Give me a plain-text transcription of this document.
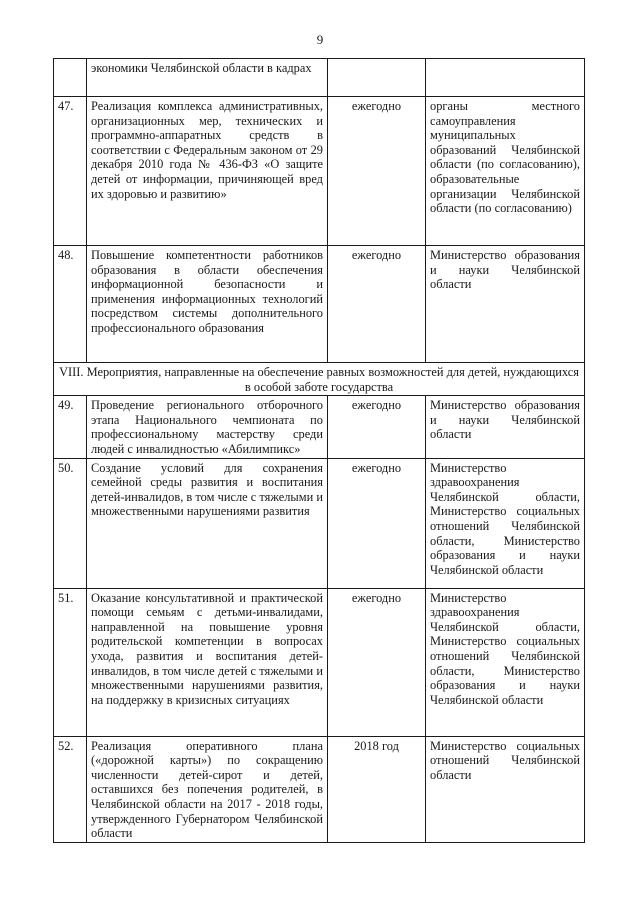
9
	экономики Челябинской области в кадрах		
47.	Реализация комплекса административных, организационных мер, технических и программно-аппаратных средств в соответствии с Федеральным законом от 29 декабря 2010 года № 436-ФЗ «О защите детей от информации, причиняющей вред их здоровью и развитию»	ежегодно	органы местного самоуправления муниципальных образований Челябинской области (по согласованию), образовательные организации Челябинской области (по согласованию)
48.	Повышение компетентности работников образования в области обеспечения информационной безопасности и применения информационных технологий посредством системы дополнительного профессионального образования	ежегодно	Министерство образования и науки Челябинской области
VIII. Мероприятия, направленные на обеспечение равных возможностей для детей, нуждающихся в особой заботе государства			
49.	Проведение регионального отборочного этапа Национального чемпионата по профессиональному мастерству среди людей с инвалидностью «Абилимпикс»	ежегодно	Министерство образования и науки Челябинской области
50.	Создание условий для сохранения семейной среды развития и воспитания детей-инвалидов, в том числе с тяжелыми и множественными нарушениями развития	ежегодно	Министерство здравоохранения Челябинской области, Министерство социальных отношений Челябинской области, Министерство образования и науки Челябинской области
51.	Оказание консультативной и практической помощи семьям с детьми-инвалидами, направленной на повышение уровня родительской компетенции в вопросах ухода, развития и воспитания детей-инвалидов, в том числе детей с тяжелыми и множественными нарушениями развития, на поддержку в кризисных ситуациях	ежегодно	Министерство здравоохранения Челябинской области, Министерство социальных отношений Челябинской области, Министерство образования и науки Челябинской области
52.	Реализация оперативного плана («дорожной карты») по сокращению численности детей-сирот и детей, оставшихся без попечения родителей, в Челябинской области на 2017 - 2018 годы, утвержденного Губернатором Челябинской области	2018 год	Министерство социальных отношений Челябинской области
